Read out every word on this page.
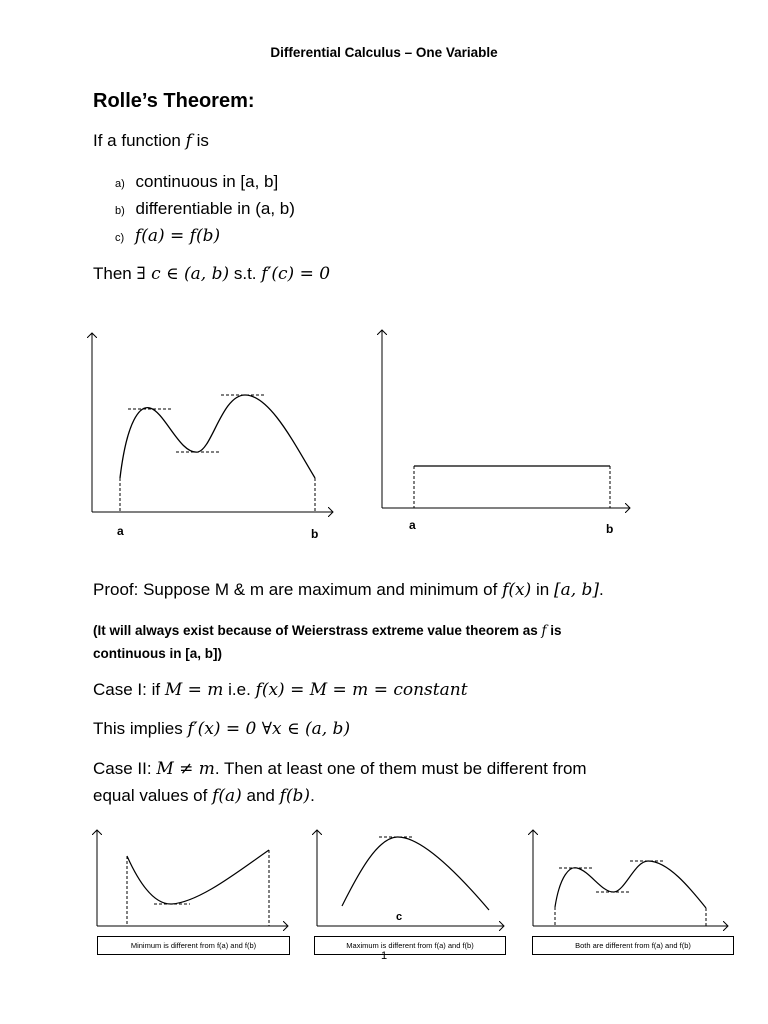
Differential Calculus – One Variable
Rolle’s Theorem:
If a function f is
a) continuous in [a, b]
b) differentiable in (a, b)
c) f(a) = f(b)
Then ∃ c ∈ (a, b) s.t. f′(c) = 0
a	b
a	b
Proof: Suppose M & m are maximum and minimum of f(x) in [a, b].
(It will always exist because of Weierstrass extreme value theorem as f is
continuous in [a, b])
Case I: if M = m i.e. f(x) = M = m = constant
This implies f′(x) = 0 ∀x ∈ (a, b)
Case II: M ≠ m. Then at least one of them must be different from
equal values of f(a) and f(b).
c
Minimum is different from f(a) and f(b)	Maximum is different from f(a) and f(b)	Both are different from f(a) and f(b)
1
